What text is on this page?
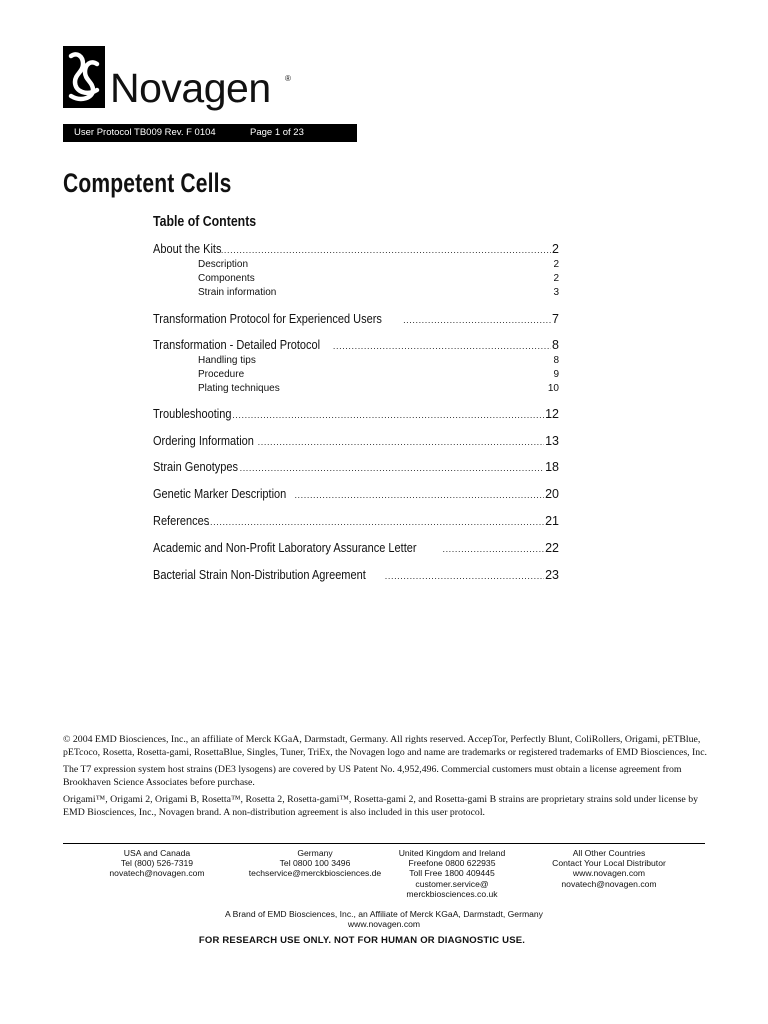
Novagen ®
User Protocol TB009 Rev. F 0104	Page 1 of 23
Competent Cells
Table of Contents
About the Kits .....	2
Description	2
Components	2
Strain information	3
Transformation Protocol for Experienced Users .....	7
Transformation - Detailed Protocol .....	8
Handling tips	8
Procedure	9
Plating techniques	10
Troubleshooting .....	12
Ordering Information .....	13
Strain Genotypes .....	18
Genetic Marker Description .....	20
References .....	21
Academic and Non-Profit Laboratory Assurance Letter .....	22
Bacterial Strain Non-Distribution Agreement .....	23

© 2004 EMD Biosciences, Inc., an affiliate of Merck KGaA, Darmstadt, Germany. All rights reserved. AccepTor, Perfectly Blunt, ColiRollers, Origami, pETBlue, pETcoco, Rosetta, Rosetta-gami, RosettaBlue, Singles, Tuner, TriEx, the Novagen logo and name are trademarks or registered trademarks of EMD Biosciences, Inc.

The T7 expression system host strains (DE3 lysogens) are covered by US Patent No. 4,952,496. Commercial customers must obtain a license agreement from Brookhaven Science Associates before purchase.

Origami™, Origami 2, Origami B, Rosetta™, Rosetta 2, Rosetta-gami™, Rosetta-gami 2, and Rosetta-gami B strains are proprietary strains sold under license by EMD Biosciences, Inc., Novagen brand. A non-distribution agreement is also included in this user protocol.

USA and Canada
Tel (800) 526-7319
novatech@novagen.com
Germany
Tel 0800 100 3496
techservice@merckbiosciences.de
United Kingdom and Ireland
Freefone 0800 622935
Toll Free 1800 409445
customer.service@
merckbiosciences.co.uk
All Other Countries
Contact Your Local Distributor
www.novagen.com
novatech@novagen.com
A Brand of EMD Biosciences, Inc., an Affiliate of Merck KGaA, Darmstadt, Germany
www.novagen.com
FOR RESEARCH USE ONLY. NOT FOR HUMAN OR DIAGNOSTIC USE.
